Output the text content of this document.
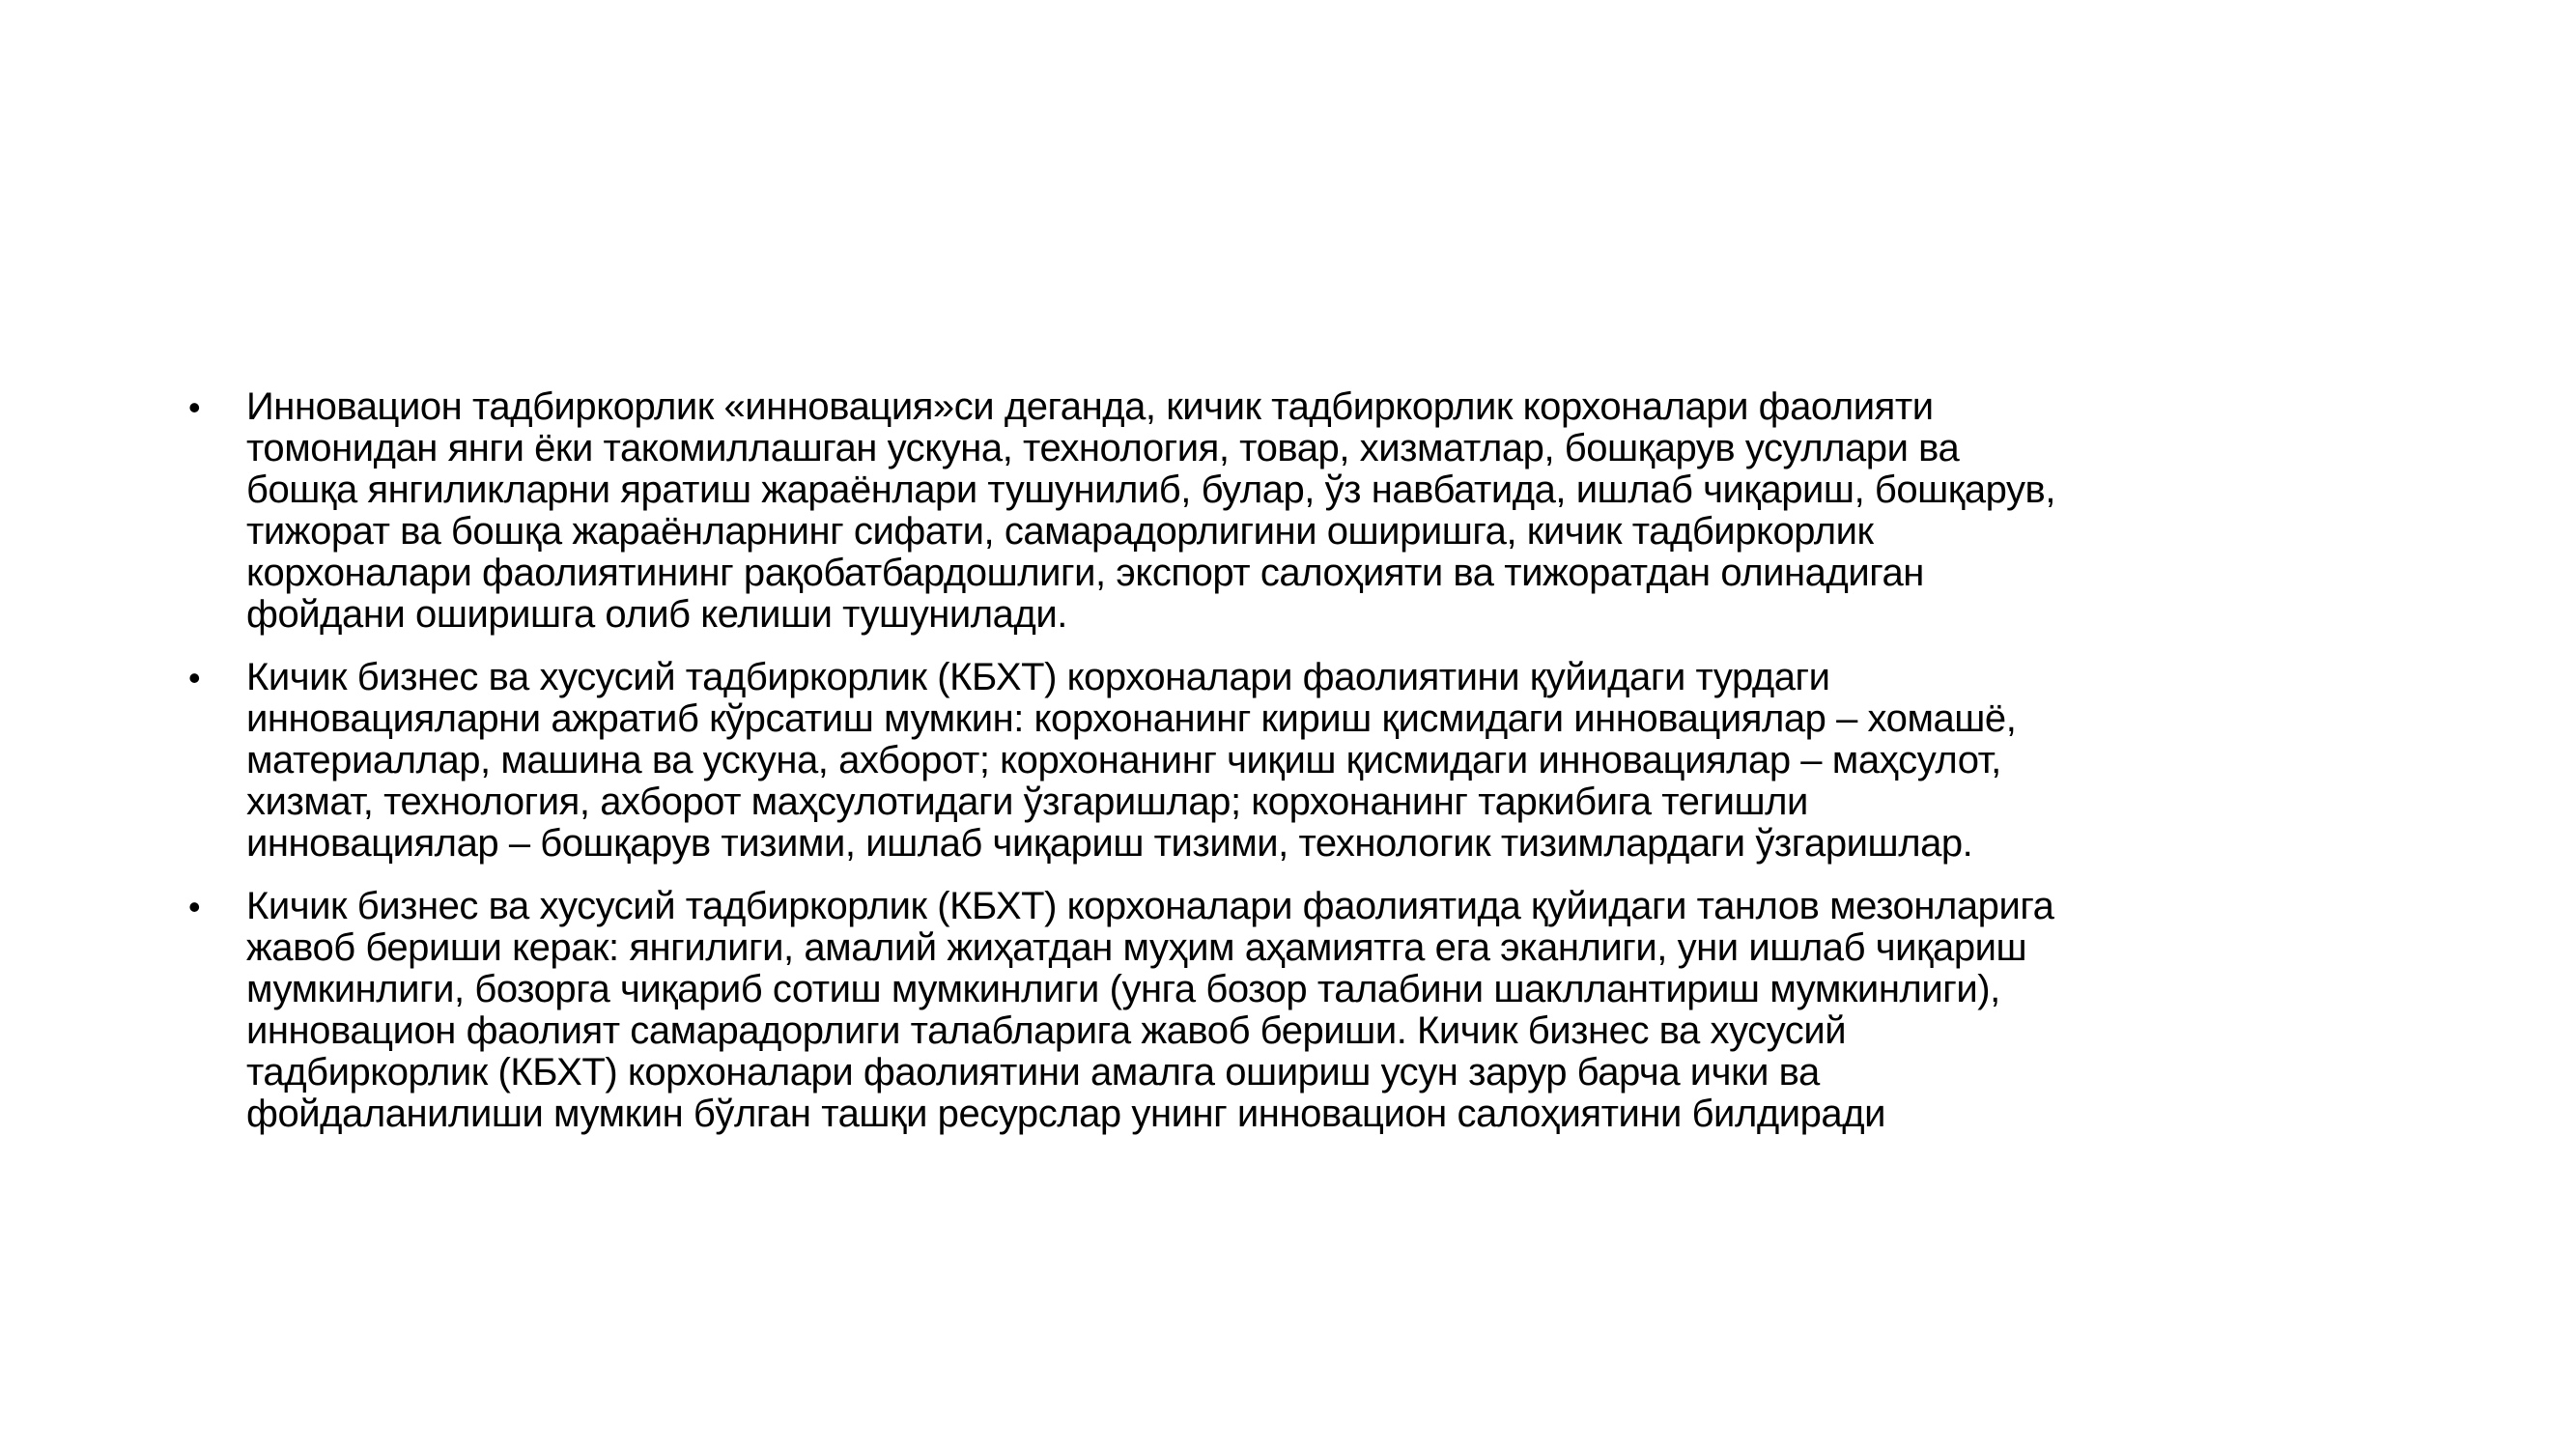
•	Инновацион тадбиркорлик «инновация»си деганда, кичик тадбиркорлик корхоналари фаолияти
томонидан янги ёки такомиллашган ускуна, технология, товар, хизматлар, бошқарув усуллари ва
бошқа янгиликларни яратиш жараёнлари тушунилиб, булар, ўз навбатида, ишлаб чиқариш, бошқарув,
тижорат ва бошқа жараёнларнинг сифати, самарадорлигини оширишга, кичик тадбиркорлик
корхоналари фаолиятининг рақобатбардошлиги, экспорт салоҳияти ва тижоратдан олинадиган
фойдани оширишга олиб келиши тушунилади.
•	Кичик бизнес ва хусусий тадбиркорлик (КБХТ) корхоналари фаолиятини қуйидаги турдаги
инновацияларни ажратиб кўрсатиш мумкин: корхонанинг кириш қисмидаги инновациялар – хомашё,
материаллар, машина ва ускуна, ахборот; корхонанинг чиқиш қисмидаги инновациялар – маҳсулот,
хизмат, технология, ахборот маҳсулотидаги ўзгаришлар; корхонанинг таркибига тегишли
инновациялар – бошқарув тизими, ишлаб чиқариш тизими, технологик тизимлардаги ўзгаришлар.
•	Кичик бизнес ва хусусий тадбиркорлик (КБХТ) корхоналари фаолиятида қуйидаги танлов мезонларига
жавоб бериши керак: янгилиги, амалий жиҳатдан муҳим аҳамиятга ега эканлиги, уни ишлаб чиқариш
мумкинлиги, бозорга чиқариб сотиш мумкинлиги (унга бозор талабини шакллантириш мумкинлиги),
инновацион фаолият самарадорлиги талабларига жавоб бериши. Кичик бизнес ва хусусий
тадбиркорлик (КБХТ) корхоналари фаолиятини амалга ошириш усун зарур барча ички ва
фойдаланилиши мумкин бўлган ташқи ресурслар унинг инновацион салоҳиятини билдиради
